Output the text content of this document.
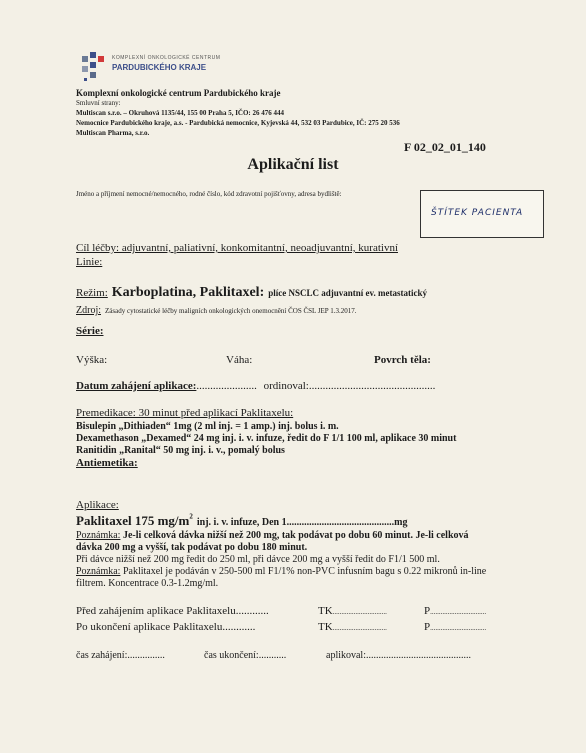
KOMPLEXNÍ ONKOLOGICKÉ CENTRUM
PARDUBICKÉHO KRAJE
Komplexní onkologické centrum Pardubického kraje
Smluvní strany:
Multiscan s.r.o. – Okruhová 1135/44, 155 00 Praha 5, IČO: 26 476 444
Nemocnice Pardubického kraje, a.s. - Pardubická nemocnice, Kyjevská 44, 532 03 Pardubice, IČ: 275 20 536
Multiscan Pharma, s.r.o.
F 02_02_01_140
Aplikační list
Jméno a příjmení nemocné/nemocného, rodné číslo, kód zdravotní pojišťovny, adresa bydliště:
ŠTÍTEK PACIENTA
Cíl léčby: adjuvantní, paliativní, konkomitantní, neoadjuvantní, kurativní
Linie:
Režim: Karboplatina, Paklitaxel: plíce NSCLC adjuvantní ev. metastatický
Zdroj: Zásady cytostatické léčby maligních onkologických onemocnění ČOS ČSL JEP 1.3.2017.
Série:
Výška:	Váha:	Povrch těla:
Datum zahájení aplikace:...................... ordinoval:..............................................
Premedikace: 30 minut před aplikací Paklitaxelu:
Bisulepin „Dithiaden“ 1mg (2 ml inj. = 1 amp.) inj. bolus i. m.
Dexamethason „Dexamed“ 24 mg inj. i. v. infuze, ředit do F 1/1 100 ml, aplikace 30 minut
Ranitidin „Ranital“ 50 mg inj. i. v., pomalý bolus
Antiemetika:
Aplikace:
Paklitaxel 175 $mg/m^2$ inj. i. v. infuze, Den 1...........................................mg
Poznámka: Je-li celková dávka nižší než 200 mg, tak podávat po dobu 60 minut. Je-li celková
dávka 200 mg a vyšší, tak podávat po dobu 180 minut.
Při dávce nižší než 200 mg ředit do 250 ml, při dávce 200 mg a vyšší ředit do F1/1 500 ml.
Poznámka: Paklitaxel je podáván v 250-500 ml F1/1% non-PVC infusním bagu s 0.22 mikronů in-line
filtrem. Koncentrace 0.3-1.2mg/ml.
Před zahájením aplikace Paklitaxelu............	TK...............................	P................................
Po ukončení aplikace Paklitaxelu............	TK...............................	P................................
čas zahájení:...............	čas ukončení:...........	aplikoval:..........................................
